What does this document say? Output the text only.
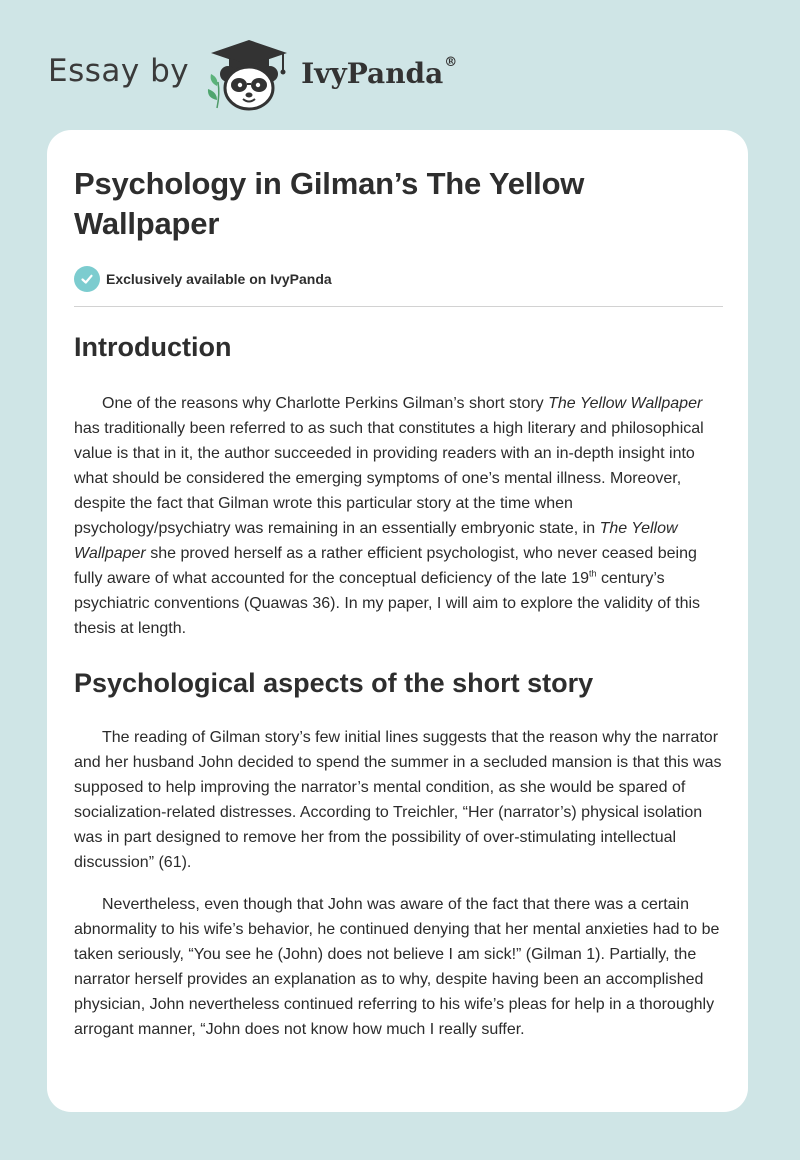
Essay by	IvyPanda®
Psychology in Gilman’s The Yellow Wallpaper
Exclusively available on IvyPanda
Introduction

One of the reasons why Charlotte Perkins Gilman’s short story The Yellow Wallpaper has traditionally been referred to as such that constitutes a high literary and philosophical value is that in it, the author succeeded in providing readers with an in-depth insight into what should be considered the emerging symptoms of one’s mental illness. Moreover, despite the fact that Gilman wrote this particular story at the time when psychology/psychiatry was remaining in an essentially embryonic state, in The Yellow Wallpaper she proved herself as a rather efficient psychologist, who never ceased being fully aware of what accounted for the conceptual deficiency of the late 19th century’s psychiatric conventions (Quawas 36). In my paper, I will aim to explore the validity of this thesis at length.

Psychological aspects of the short story

The reading of Gilman story’s few initial lines suggests that the reason why the narrator and her husband John decided to spend the summer in a secluded mansion is that this was supposed to help improving the narrator’s mental condition, as she would be spared of socialization-related distresses. According to Treichler, “Her (narrator’s) physical isolation was in part designed to remove her from the possibility of over-stimulating intellectual discussion” (61).

Nevertheless, even though that John was aware of the fact that there was a certain abnormality to his wife’s behavior, he continued denying that her mental anxieties had to be taken seriously, “You see he (John) does not believe I am sick!” (Gilman 1). Partially, the narrator herself provides an explanation as to why, despite having been an accomplished physician, John nevertheless continued referring to his wife’s pleas for help in a thoroughly arrogant manner, “John does not know how much I really suffer.
